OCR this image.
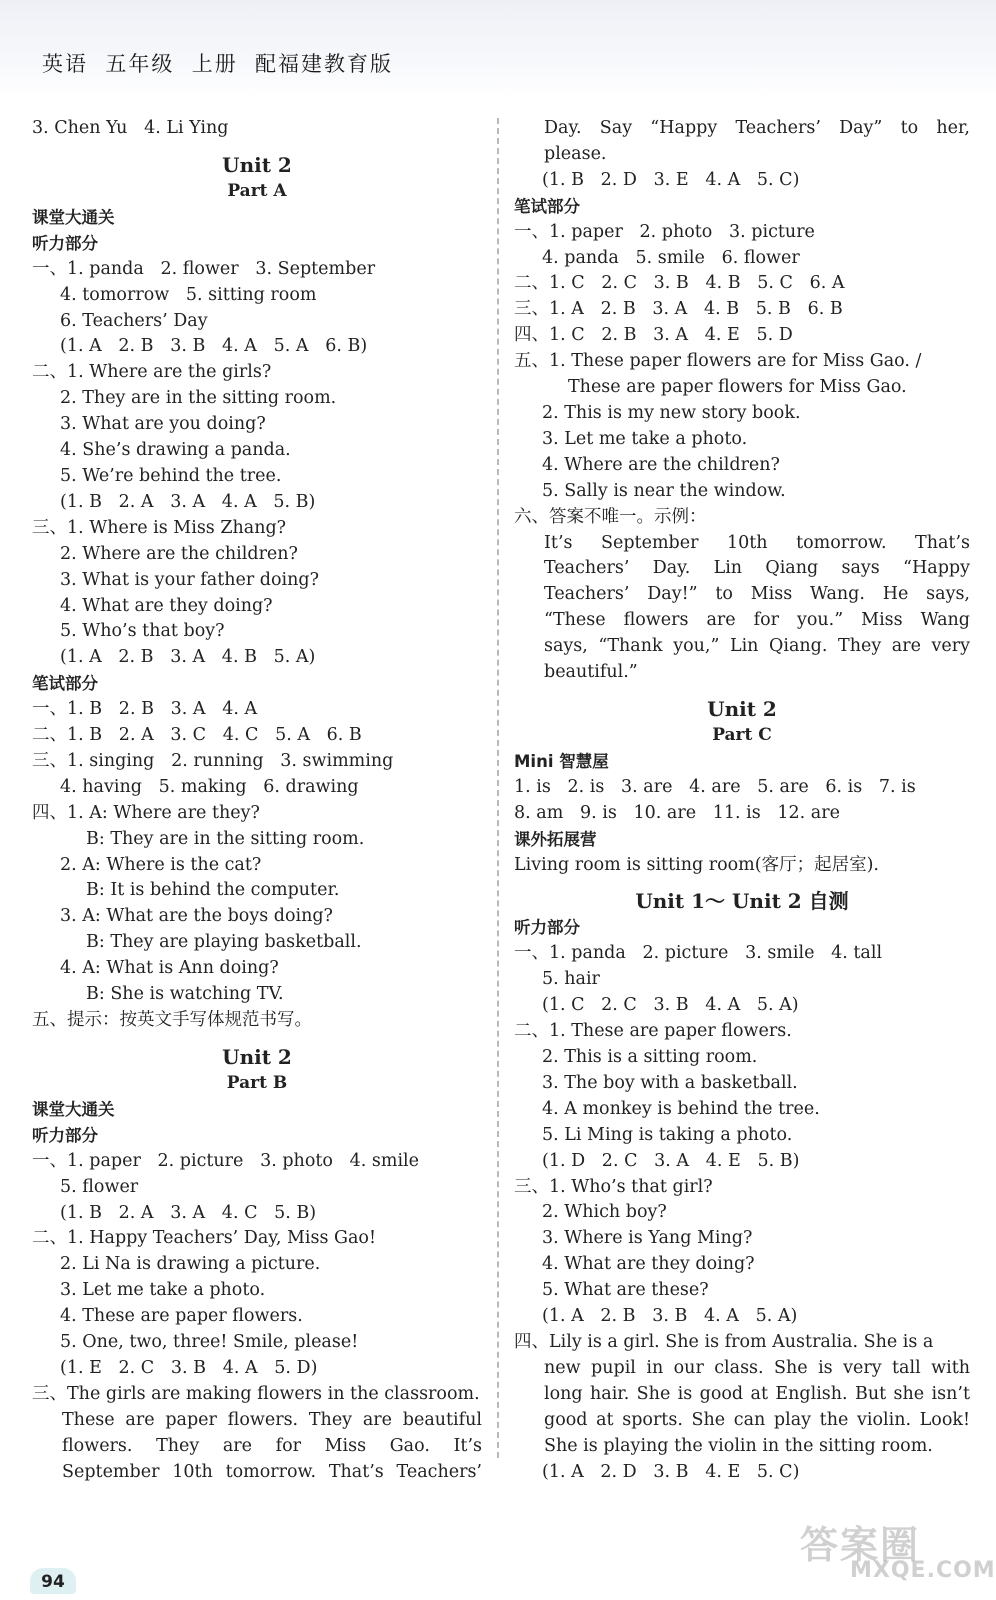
英语  五年级  上册  配福建教育版
3. Chen Yu   4. Li Ying
Unit 2
Part A
课堂大通关
听力部分
一、1. panda   2. flower   3. September
4. tomorrow   5. sitting room
6. Teachers’ Day
(1. A   2. B   3. B   4. A   5. A   6. B)
二、1. Where are the girls?
2. They are in the sitting room.
3. What are you doing?
4. She’s drawing a panda.
5. We’re behind the tree.
(1. B   2. A   3. A   4. A   5. B)
三、1. Where is Miss Zhang?
2. Where are the children?
3. What is your father doing?
4. What are they doing?
5. Who’s that boy?
(1. A   2. B   3. A   4. B   5. A)
笔试部分
一、1. B   2. B   3. A   4. A
二、1. B   2. A   3. C   4. C   5. A   6. B
三、1. singing   2. running   3. swimming
4. having   5. making   6. drawing
四、1. A: Where are they?
B: They are in the sitting room.
2. A: Where is the cat?
B: It is behind the computer.
3. A: What are the boys doing?
B: They are playing basketball.
4. A: What is Ann doing?
B: She is watching TV.
五、提示：按英文手写体规范书写。
Unit 2
Part B
课堂大通关
听力部分
一、1. paper   2. picture   3. photo   4. smile
5. flower
(1. B   2. A   3. A   4. C   5. B)
二、1. Happy Teachers’ Day, Miss Gao!
2. Li Na is drawing a picture.
3. Let me take a photo.
4. These are paper flowers.
5. One, two, three! Smile, please!
(1. E   2. C   3. B   4. A   5. D)
三、The girls are making flowers in the classroom.
These are paper flowers. They are beautiful
flowers. They are for Miss Gao. It’s
September 10th tomorrow. That’s Teachers’
Day. Say “Happy Teachers’ Day” to her,
please.
(1. B   2. D   3. E   4. A   5. C)
笔试部分
一、1. paper   2. photo   3. picture
4. panda   5. smile   6. flower
二、1. C   2. C   3. B   4. B   5. C   6. A
三、1. A   2. B   3. A   4. B   5. B   6. B
四、1. C   2. B   3. A   4. E   5. D
五、1. These paper flowers are for Miss Gao. /
These are paper flowers for Miss Gao.
2. This is my new story book.
3. Let me take a photo.
4. Where are the children?
5. Sally is near the window.
六、答案不唯一。示例：
It’s September 10th tomorrow. That’s
Teachers’ Day. Lin Qiang says “Happy
Teachers’ Day!” to Miss Wang. He says,
“These flowers are for you.” Miss Wang
says, “Thank you,” Lin Qiang. They are very
beautiful.”
Unit 2
Part C
Mini 智慧屋
1. is   2. is   3. are   4. are   5. are   6. is   7. is
8. am   9. is   10. are   11. is   12. are
课外拓展营
Living room is sitting room(客厅；起居室).
Unit 1～ Unit 2 自测
听力部分
一、1. panda   2. picture   3. smile   4. tall
5. hair
(1. C   2. C   3. B   4. A   5. A)
二、1. These are paper flowers.
2. This is a sitting room.
3. The boy with a basketball.
4. A monkey is behind the tree.
5. Li Ming is taking a photo.
(1. D   2. C   3. A   4. E   5. B)
三、1. Who’s that girl?
2. Which boy?
3. Where is Yang Ming?
4. What are they doing?
5. What are these?
(1. A   2. B   3. B   4. A   5. A)
四、Lily is a girl. She is from Australia. She is a
new pupil in our class. She is very tall with
long hair. She is good at English. But she isn’t
good at sports. She can play the violin. Look!
She is playing the violin in the sitting room.
(1. A   2. D   3. B   4. E   5. C)
94
答案圈
MXQE.COM
